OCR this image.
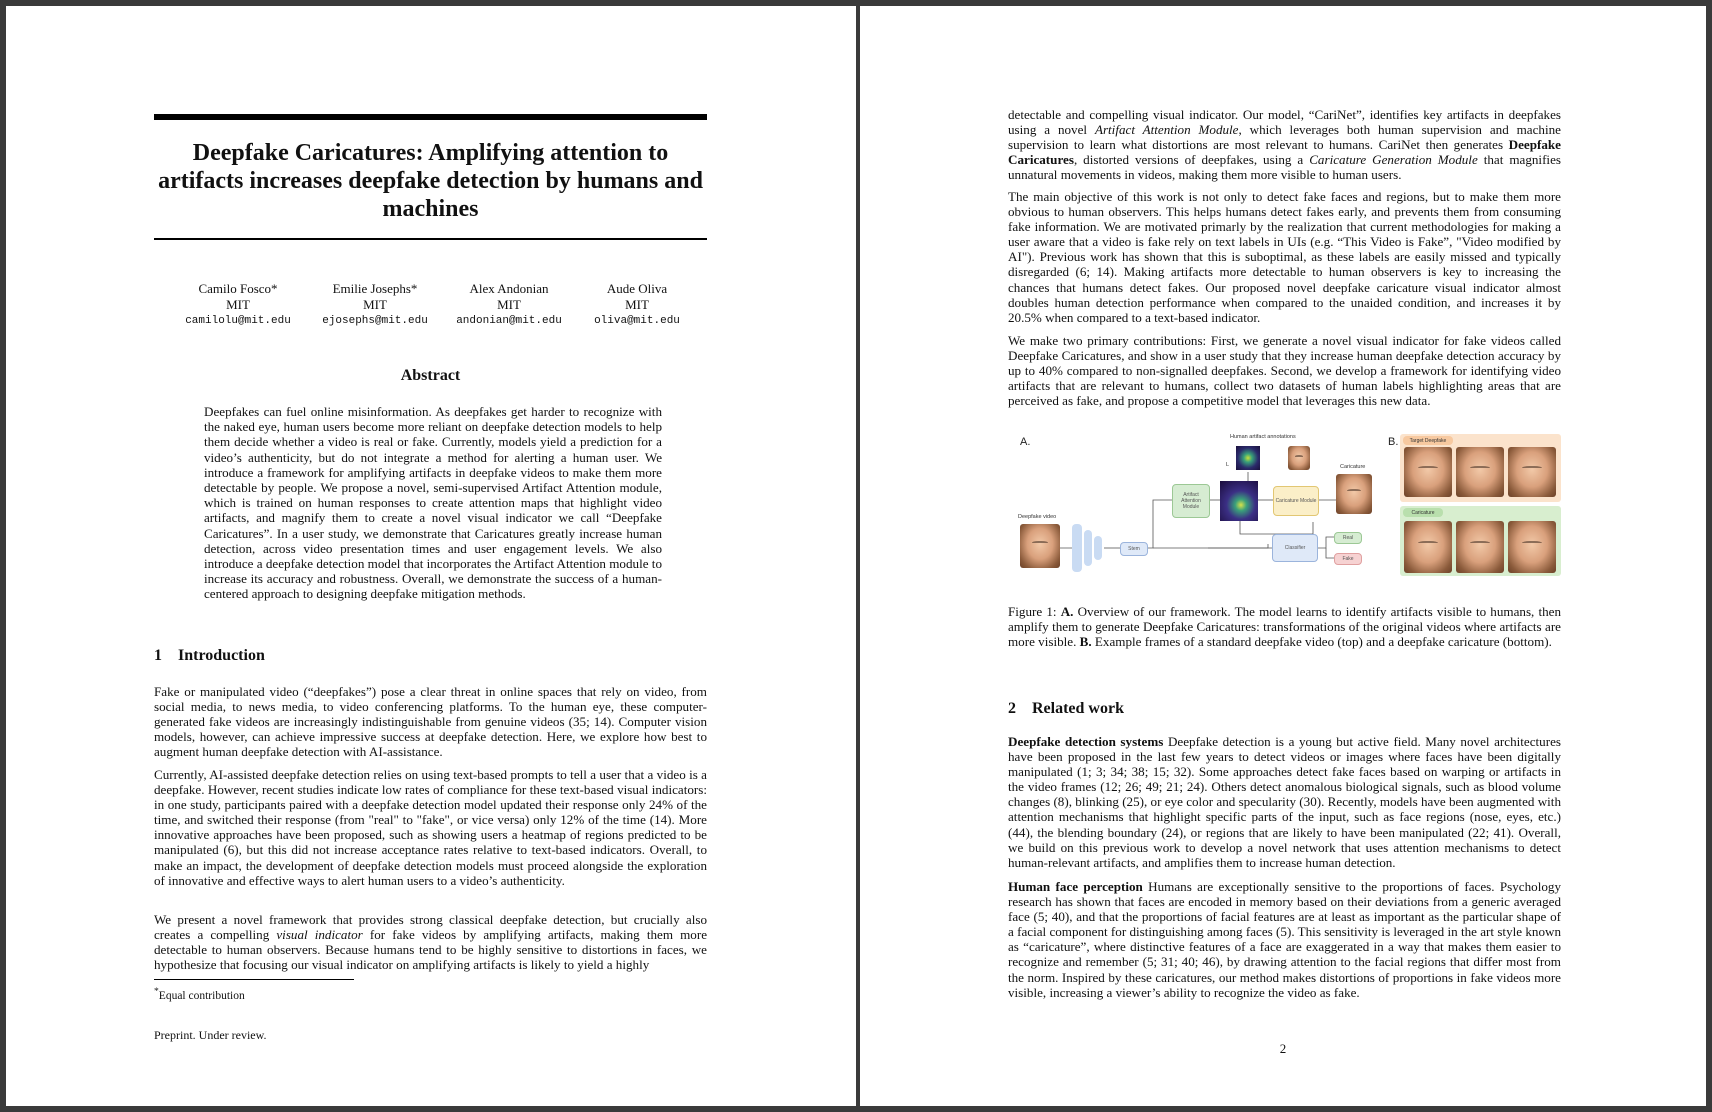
Deepfake Caricatures: Amplifying attention to artifacts increases deepfake detection by humans and machines
Camilo Fosco*
MIT
camilolu@mit.edu
Emilie Josephs*
MIT
ejosephs@mit.edu
Alex Andonian
MIT
andonian@mit.edu
Aude Oliva
MIT
oliva@mit.edu
Abstract
Deepfakes can fuel online misinformation. As deepfakes get harder to recognize with the naked eye, human users become more reliant on deepfake detection models to help them decide whether a video is real or fake. Currently, models yield a prediction for a video’s authenticity, but do not integrate a method for alerting a human user. We introduce a framework for amplifying artifacts in deepfake videos to make them more detectable by people. We propose a novel, semi-supervised Artifact Attention module, which is trained on human responses to create attention maps that highlight video artifacts, and magnify them to create a novel visual indicator we call “Deepfake Caricatures”. In a user study, we demonstrate that Caricatures greatly increase human detection, across video presentation times and user engagement levels. We also introduce a deepfake detection model that incorporates the Artifact Attention module to increase its accuracy and robustness. Overall, we demonstrate the success of a human-centered approach to designing deepfake mitigation methods.
1 Introduction

Fake or manipulated video (“deepfakes”) pose a clear threat in online spaces that rely on video, from social media, to news media, to video conferencing platforms. To the human eye, these computer-generated fake videos are increasingly indistinguishable from genuine videos (35; 14). Computer vision models, however, can achieve impressive success at deepfake detection. Here, we explore how best to augment human deepfake detection with AI-assistance.

Currently, AI-assisted deepfake detection relies on using text-based prompts to tell a user that a video is a deepfake. However, recent studies indicate low rates of compliance for these text-based visual indicators: in one study, participants paired with a deepfake detection model updated their response only 24% of the time, and switched their response (from "real" to "fake", or vice versa) only 12% of the time (14). More innovative approaches have been proposed, such as showing users a heatmap of regions predicted to be manipulated (6), but this did not increase acceptance rates relative to text-based indicators. Overall, to make an impact, the development of deepfake detection models must proceed alongside the exploration of innovative and effective ways to alert human users to a video’s authenticity.

We present a novel framework that provides strong classical deepfake detection, but crucially also creates a compelling visual indicator for fake videos by amplifying artifacts, making them more detectable to human observers. Because humans tend to be highly sensitive to distortions in faces, we hypothesize that focusing our visual indicator on amplifying artifacts is likely to yield a highly

*Equal contribution
Preprint. Under review.

detectable and compelling visual indicator. Our model, “CariNet”, identifies key artifacts in deepfakes using a novel Artifact Attention Module, which leverages both human supervision and machine supervision to learn what distortions are most relevant to humans. CariNet then generates Deepfake Caricatures, distorted versions of deepfakes, using a Caricature Generation Module that magnifies unnatural movements in videos, making them more visible to human users.

The main objective of this work is not only to detect fake faces and regions, but to make them more obvious to human observers. This helps humans detect fakes early, and prevents them from consuming fake information. We are motivated primarly by the realization that current methodologies for making a user aware that a video is fake rely on text labels in UIs (e.g. “This Video is Fake”, "Video modified by AI"). Previous work has shown that this is suboptimal, as these labels are easily missed and typically disregarded (6; 14). Making artifacts more detectable to human observers is key to increasing the chances that humans detect fakes. Our proposed novel deepfake caricature visual indicator almost doubles human detection performance when compared to the unaided condition, and increases it by 20.5% when compared to a text-based indicator.

We make two primary contributions: First, we generate a novel visual indicator for fake videos called Deepfake Caricatures, and show in a user study that they increase human deepfake detection accuracy by up to 40% compared to non-signalled deepfakes. Second, we develop a framework for identifying video artifacts that are relevant to humans, collect two datasets of human labels highlighting areas that are perceived as fake, and propose a competitive model that leverages this new data.

A.
Deepfake video
Stem
Artifact Attention Module
Human artifact annotations
L
Caricature Module
Caricature
Classifier
Real
Fake
B.	Target Deepfake
Caricature
Figure 1: A. Overview of our framework. The model learns to identify artifacts visible to humans, then amplify them to generate Deepfake Caricatures: transformations of the original videos where artifacts are more visible. B. Example frames of a standard deepfake video (top) and a deepfake caricature (bottom).
2 Related work

Deepfake detection systems Deepfake detection is a young but active field. Many novel architectures have been proposed in the last few years to detect videos or images where faces have been digitally manipulated (1; 3; 34; 38; 15; 32). Some approaches detect fake faces based on warping or artifacts in the video frames (12; 26; 49; 21; 24). Others detect anomalous biological signals, such as blood volume changes (8), blinking (25), or eye color and specularity (30). Recently, models have been augmented with attention mechanisms that highlight specific parts of the input, such as face regions (nose, eyes, etc.) (44), the blending boundary (24), or regions that are likely to have been manipulated (22; 41). Overall, we build on this previous work to develop a novel network that uses attention mechanisms to detect human-relevant artifacts, and amplifies them to increase human detection.

Human face perception Humans are exceptionally sensitive to the proportions of faces. Psychology research has shown that faces are encoded in memory based on their deviations from a generic averaged face (5; 40), and that the proportions of facial features are at least as important as the particular shape of a facial component for distinguishing among faces (5). This sensitivity is leveraged in the art style known as “caricature”, where distinctive features of a face are exaggerated in a way that makes them easier to recognize and remember (5; 31; 40; 46), by drawing attention to the facial regions that differ most from the norm. Inspired by these caricatures, our method makes distortions of proportions in fake videos more visible, increasing a viewer’s ability to recognize the video as fake.

2
